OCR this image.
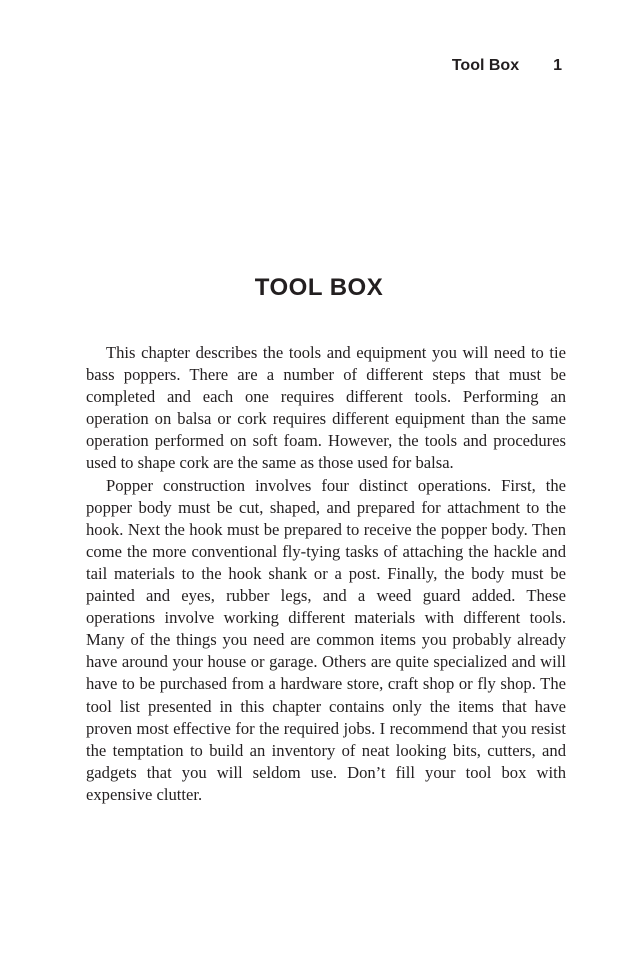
Tool Box 1
TOOL BOX

This chapter describes the tools and equipment you will need to tie bass poppers. There are a number of different steps that must be completed and each one requires different tools. Performing an operation on balsa or cork requires different equipment than the same operation performed on soft foam. However, the tools and procedures used to shape cork are the same as those used for balsa.

Popper construction involves four distinct operations. First, the popper body must be cut, shaped, and prepared for attachment to the hook. Next the hook must be prepared to receive the popper body. Then come the more conventional fly-tying tasks of attaching the hackle and tail materials to the hook shank or a post. Finally, the body must be painted and eyes, rubber legs, and a weed guard added. These operations involve working different materials with different tools. Many of the things you need are common items you probably already have around your house or garage. Others are quite specialized and will have to be purchased from a hardware store, craft shop or fly shop. The tool list presented in this chapter contains only the items that have proven most effective for the required jobs. I recommend that you resist the temptation to build an inventory of neat looking bits, cutters, and gadgets that you will seldom use. Don’t fill your tool box with expensive clutter.
